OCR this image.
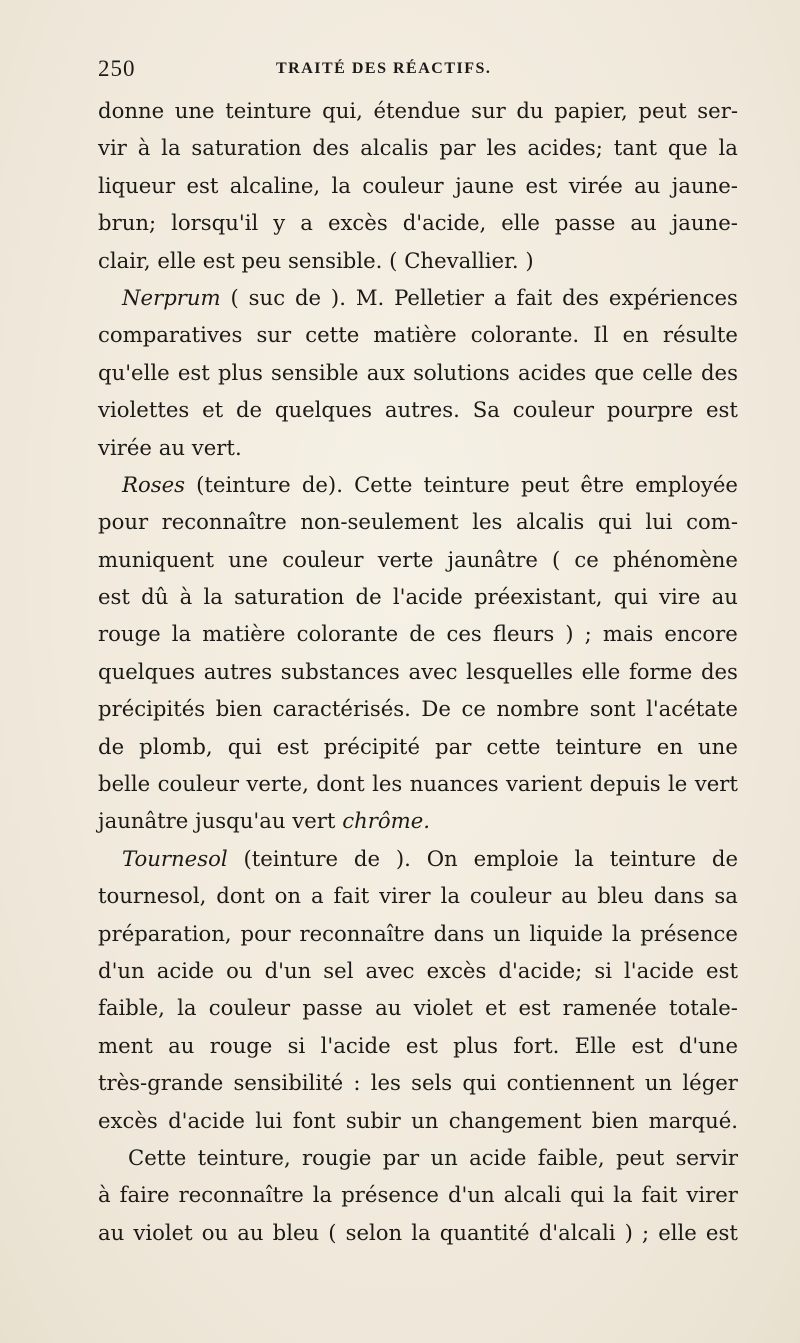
250	TRAITÉ DES RÉACTIFS.
donne une teinture qui, étendue sur du papier, peut ser-
vir à la saturation des alcalis par les acides; tant que la
liqueur est alcaline, la couleur jaune est virée au jaune-
brun; lorsqu'il y a excès d'acide, elle passe au jaune-
clair, elle est peu sensible. ( Chevallier. )
Nerprum ( suc de ). M. Pelletier a fait des expériences
comparatives sur cette matière colorante. Il en résulte
qu'elle est plus sensible aux solutions acides que celle des
violettes et de quelques autres. Sa couleur pourpre est
virée au vert.
Roses (teinture de). Cette teinture peut être employée
pour reconnaître non-seulement les alcalis qui lui com-
muniquent une couleur verte jaunâtre ( ce phénomène
est dû à la saturation de l'acide préexistant, qui vire au
rouge la matière colorante de ces fleurs ) ; mais encore
quelques autres substances avec lesquelles elle forme des
précipités bien caractérisés. De ce nombre sont l'acétate
de plomb, qui est précipité par cette teinture en une
belle couleur verte, dont les nuances varient depuis le vert
jaunâtre jusqu'au vert chrôme.
Tournesol (teinture de ). On emploie la teinture de
tournesol, dont on a fait virer la couleur au bleu dans sa
préparation, pour reconnaître dans un liquide la présence
d'un acide ou d'un sel avec excès d'acide; si l'acide est
faible, la couleur passe au violet et est ramenée totale-
ment au rouge si l'acide est plus fort. Elle est d'une
très-grande sensibilité : les sels qui contiennent un léger
excès d'acide lui font subir un changement bien marqué.
Cette teinture, rougie par un acide faible, peut servir
à faire reconnaître la présence d'un alcali qui la fait virer
au violet ou au bleu ( selon la quantité d'alcali ) ; elle est
